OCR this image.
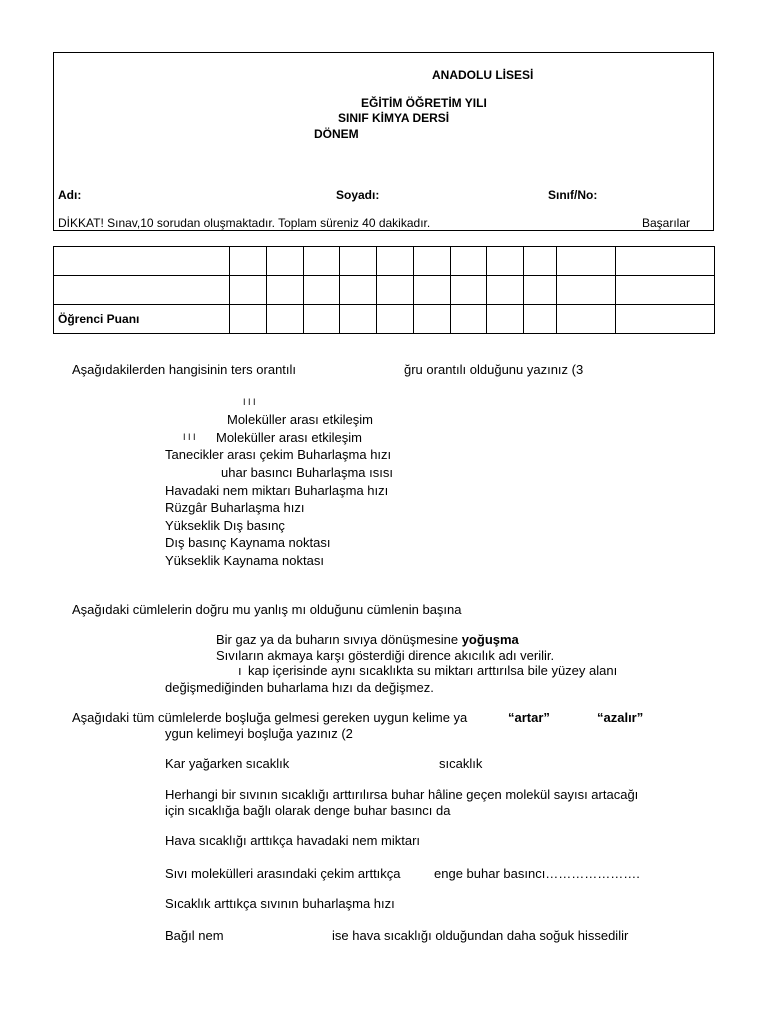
ANADOLU LİSESİ
EĞİTİM ÖĞRETİM YILI
SINIF KİMYA DERSİ
DÖNEM
Adı:	Soyadı:	Sınıf/No:
DİKKAT! Sınav,10 sorudan oluşmaktadır. Toplam süreniz 40 dakikadır.	Başarılar

Öğrenci Puanı											
Aşağıdakilerden hangisinin ters orantılı	ğru orantılı olduğunu yazınız (3
I I I
Moleküller arası etkileşim
I I I Moleküller arası etkileşim
Tanecikler arası çekim Buharlaşma hızı
uhar basıncı Buharlaşma ısısı
Havadaki nem miktarı Buharlaşma hızı
Rüzgâr Buharlaşma hızı
Yükseklik Dış basınç
Dış basınç Kaynama noktası
Yükseklik Kaynama noktası
Aşağıdaki cümlelerin doğru mu yanlış mı olduğunu cümlenin başına
Bir gaz ya da buharın sıvıya dönüşmesine yoğuşma
Sıvıların akmaya karşı gösterdiği dirence akıcılık adı verilir.
ı kap içerisinde aynı sıcaklıkta su miktarı arttırılsa bile yüzey alanı
değişmediğinden buharlama hızı da değişmez.
Aşağıdaki tüm cümlelerde boşluğa gelmesi gereken uygun kelime ya	“artar”	“azalır”
ygun kelimeyi boşluğa yazınız (2
Kar yağarken sıcaklık	sıcaklık
Herhangi bir sıvının sıcaklığı arttırılırsa buhar hâline geçen molekül sayısı artacağı
için sıcaklığa bağlı olarak denge buhar basıncı da
Hava sıcaklığı arttıkça havadaki nem miktarı
Sıvı molekülleri arasındaki çekim arttıkça	enge buhar basıncı………………….
Sıcaklık arttıkça sıvının buharlaşma hızı
Bağıl nem	ise hava sıcaklığı olduğundan daha soğuk hissedilir
